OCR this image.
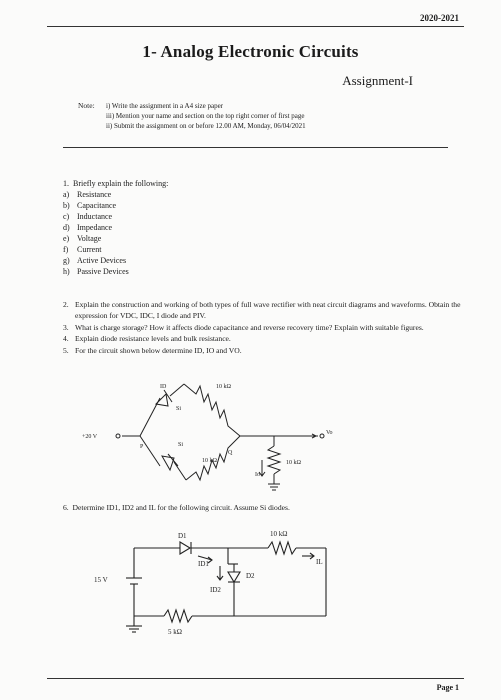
2020-2021
1- Analog Electronic Circuits
Assignment-I
Note: i) Write the assignment in a A4 size paper
iii) Mention your name and section on the top right corner of first page
ii) Submit the assignment on or before 12.00 AM, Monday, 06/04/2021
1. Briefly explain the following:
a) Resistance
b) Capacitance
c) Inductance
d) Impedance
e) Voltage
f) Current
g) Active Devices
h) Passive Devices
2. Explain the construction and working of both types of full wave rectifier with neat circuit diagrams and waveforms. Obtain the expression for VDC, IDC, I diode and PIV.
3. What is charge storage? How it affects diode capacitance and reverse recovery time? Explain with suitable figures.
4. Explain diode resistance levels and bulk resistance.
5. For the circuit shown below determine ID, IO and VO.
+20 V
10 kΩ
10 kΩ	10 kΩ
Si
Si
ID
Io
Vo
P
Q
6. Determine ID1, ID2 and IL for the following circuit. Assume Si diodes.
15 V
D1
D2
10 kΩ
5 kΩ
ID1
ID2
IL
Page 1
